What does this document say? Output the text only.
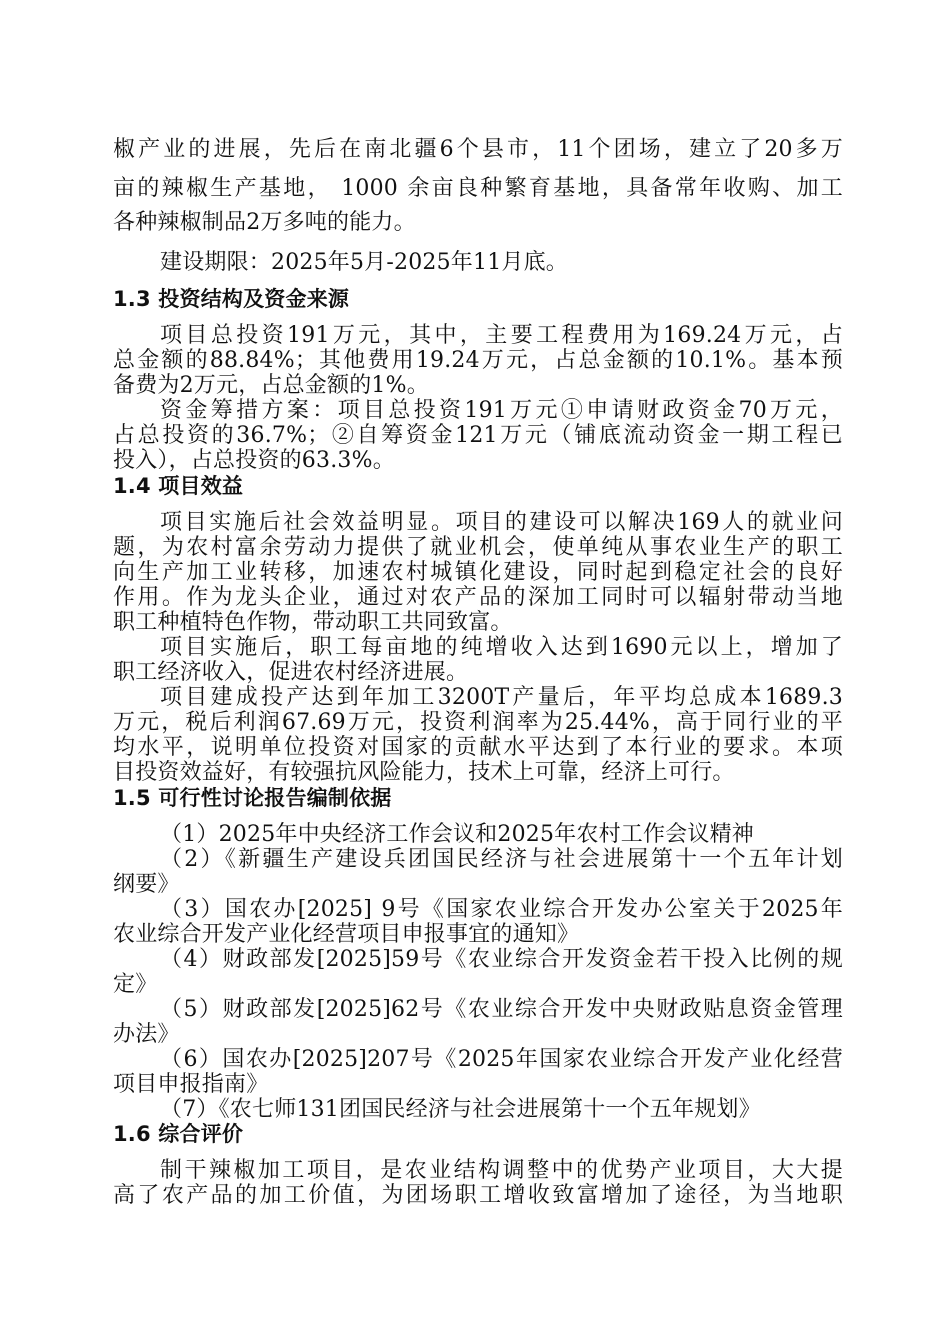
椒产业的进展，先后在南北疆6个县市，11个团场，建立了20多万
亩的辣椒生产基地， 1000 余亩良种繁育基地，具备常年收购、加工
各种辣椒制品2万多吨的能力。
建设期限：2025年5月-2025年11月底。
1.3 投资结构及资金来源
项目总投资191万元，其中，主要工程费用为169.24万元，占
总金额的88.84%；其他费用19.24万元，占总金额的10.1%。基本预
备费为2万元，占总金额的1%。
资金筹措方案：项目总投资191万元①申请财政资金70万元，
占总投资的36.7%；②自筹资金121万元（铺底流动资金一期工程已
投入），占总投资的63.3%。
1.4 项目效益
项目实施后社会效益明显。项目的建设可以解决169人的就业问
题，为农村富余劳动力提供了就业机会，使单纯从事农业生产的职工
向生产加工业转移，加速农村城镇化建设，同时起到稳定社会的良好
作用。作为龙头企业，通过对农产品的深加工同时可以辐射带动当地
职工种植特色作物，带动职工共同致富。
项目实施后，职工每亩地的纯增收入达到1690元以上，增加了
职工经济收入，促进农村经济进展。
项目建成投产达到年加工3200T产量后，年平均总成本1689.3
万元，税后利润67.69万元，投资利润率为25.44%，高于同行业的平
均水平，说明单位投资对国家的贡献水平达到了本行业的要求。本项
目投资效益好，有较强抗风险能力，技术上可靠，经济上可行。
1.5 可行性讨论报告编制依据
（1）2025年中央经济工作会议和2025年农村工作会议精神
（2）《新疆生产建设兵团国民经济与社会进展第十一个五年计划
纲要》
（3）国农办[2025] 9号《国家农业综合开发办公室关于2025年
农业综合开发产业化经营项目申报事宜的通知》
（4）财政部发[2025]59号《农业综合开发资金若干投入比例的规
定》
（5）财政部发[2025]62号《农业综合开发中央财政贴息资金管理
办法》
（6）国农办[2025]207号《2025年国家农业综合开发产业化经营
项目申报指南》
（7）《农七师131团国民经济与社会进展第十一个五年规划》
1.6 综合评价
制干辣椒加工项目，是农业结构调整中的优势产业项目，大大提
高了农产品的加工价值，为团场职工增收致富增加了途径，为当地职
